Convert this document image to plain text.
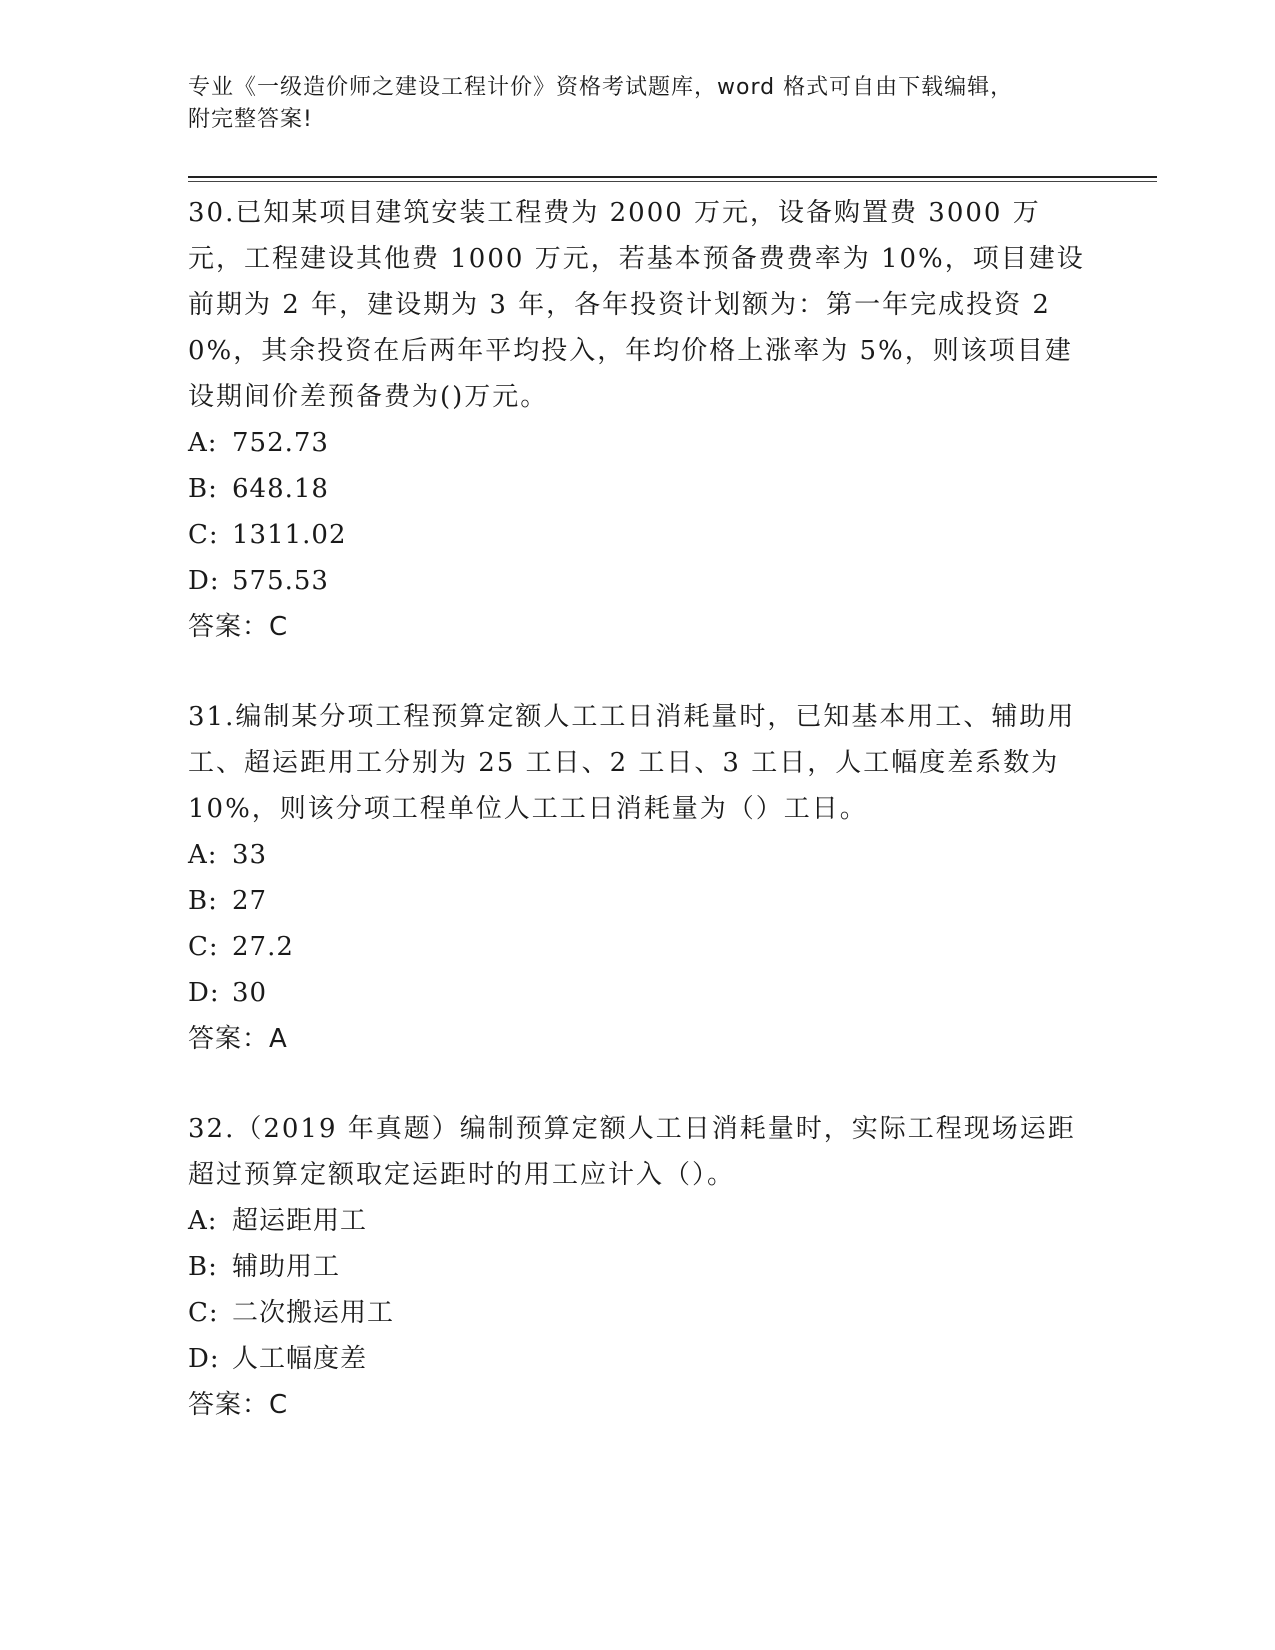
专业《一级造价师之建设工程计价》资格考试题库，word 格式可自由下载编辑，

附完整答案!

30.已知某项目建筑安装工程费为 2000 万元，设备购置费 3000 万元，工程建设其他费 1000 万元，若基本预备费费率为 10%，项目建设前期为 2 年，建设期为 3 年，各年投资计划额为：第一年完成投资 20%，其余投资在后两年平均投入，年均价格上涨率为 5%，则该项目建设期间价差预备费为()万元。

A: 752.73

B: 648.18

C: 1311.02

D: 575.53

答案：C

31.编制某分项工程预算定额人工工日消耗量时，已知基本用工、辅助用工、超运距用工分别为 25 工日、2 工日、3 工日，人工幅度差系数为 10%，则该分项工程单位人工工日消耗量为（）工日。

A: 33

B: 27

C: 27.2

D: 30

答案：A

32.（2019 年真题）编制预算定额人工日消耗量时，实际工程现场运距超过预算定额取定运距时的用工应计入（）。

A: 超运距用工

B: 辅助用工

C: 二次搬运用工

D: 人工幅度差

答案：C
